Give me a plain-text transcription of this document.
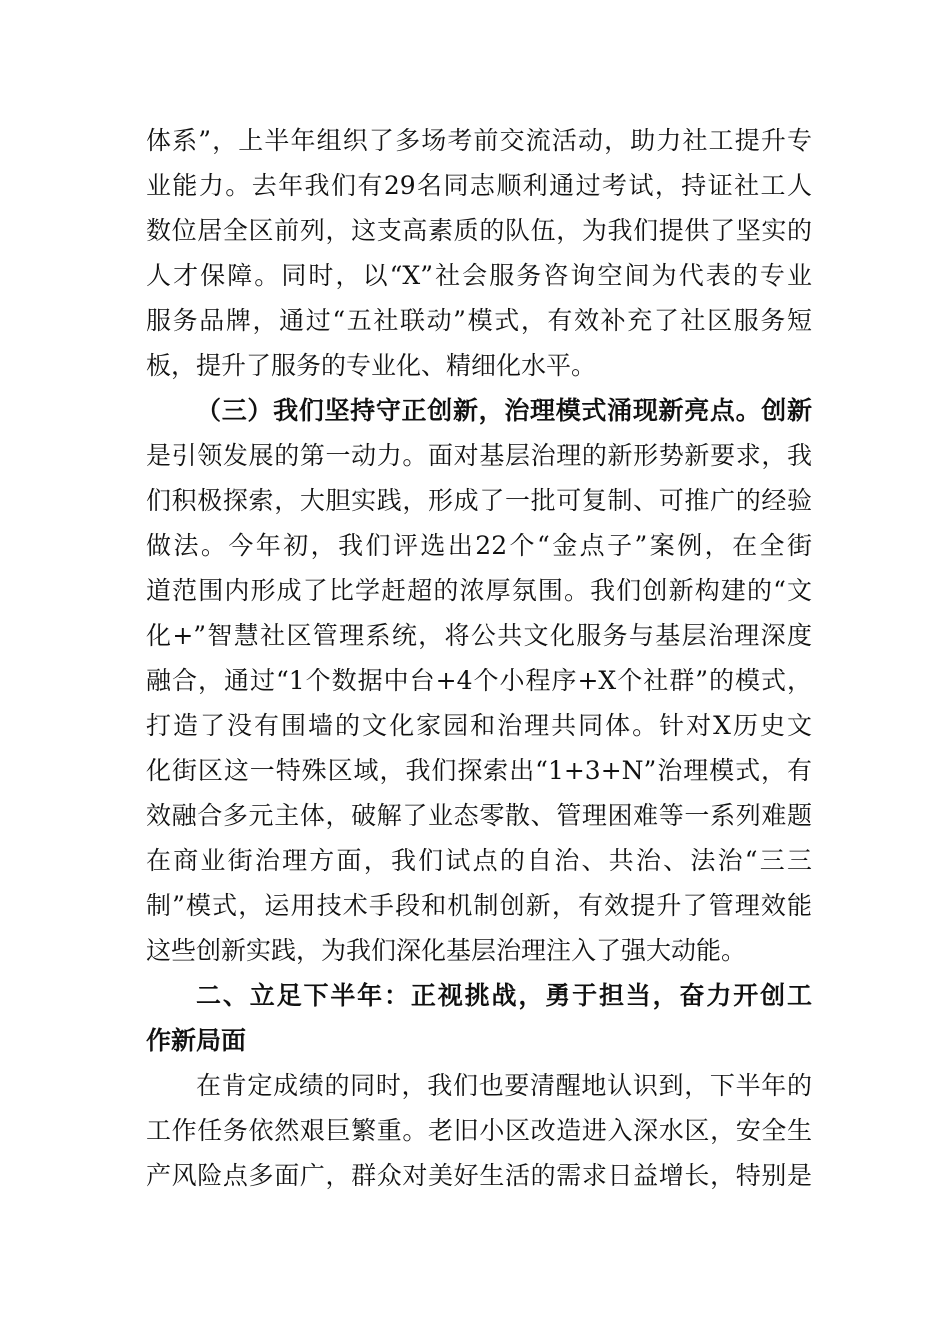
体系”，上半年组织了多场考前交流活动，助力社工提升专
业能力。去年我们有29名同志顺利通过考试，持证社工人
数位居全区前列，这支高素质的队伍，为我们提供了坚实的
人才保障。同时，以“X”社会服务咨询空间为代表的专业
服务品牌，通过“五社联动”模式，有效补充了社区服务短
板，提升了服务的专业化、精细化水平。
（三）我们坚持守正创新，治理模式涌现新亮点。创新
是引领发展的第一动力。面对基层治理的新形势新要求，我
们积极探索，大胆实践，形成了一批可复制、可推广的经验
做法。今年初，我们评选出22个“金点子”案例，在全街
道范围内形成了比学赶超的浓厚氛围。我们创新构建的“文
化+”智慧社区管理系统，将公共文化服务与基层治理深度
融合，通过“1个数据中台+4个小程序+X个社群”的模式，
打造了没有围墙的文化家园和治理共同体。针对X历史文
化街区这一特殊区域，我们探索出“1+3+N”治理模式，有
效融合多元主体，破解了业态零散、管理困难等一系列难题
在商业街治理方面，我们试点的自治、共治、法治“三三
制”模式，运用技术手段和机制创新，有效提升了管理效能
这些创新实践，为我们深化基层治理注入了强大动能。
二、立足下半年：正视挑战，勇于担当，奋力开创工
作新局面
在肯定成绩的同时，我们也要清醒地认识到，下半年的
工作任务依然艰巨繁重。老旧小区改造进入深水区，安全生
产风险点多面广，群众对美好生活的需求日益增长，特别是
